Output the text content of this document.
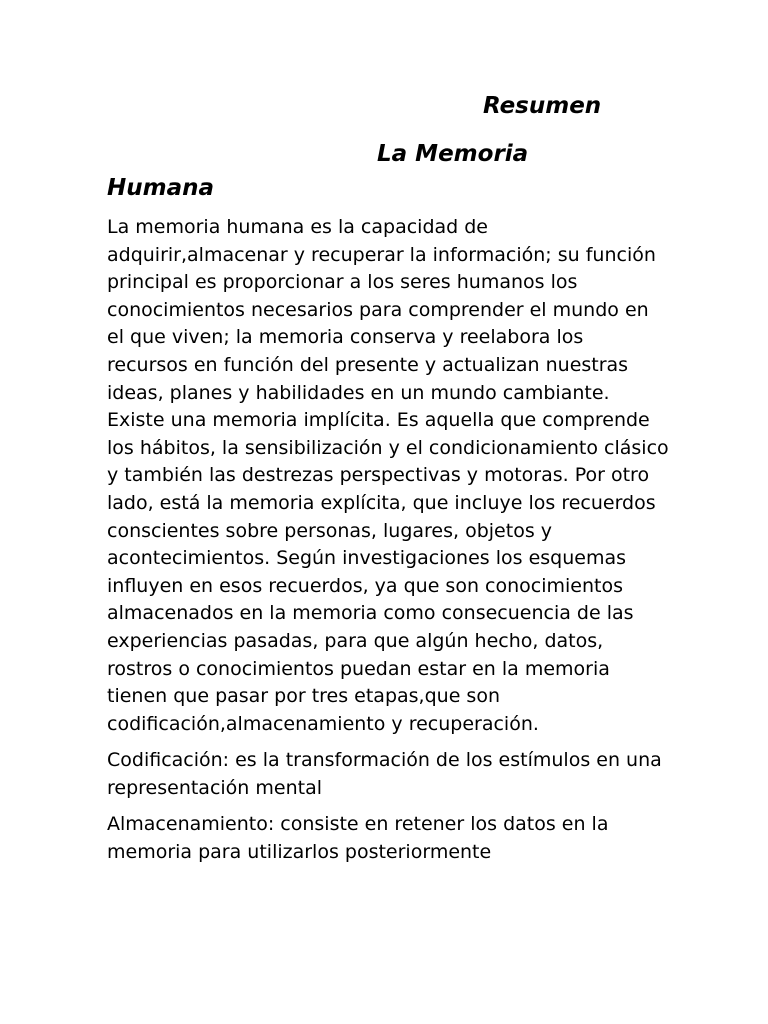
Resumen
La Memoria Humana

La memoria humana es la capacidad de adquirir,almacenar y recuperar la información; su función principal es proporcionar a los seres humanos los conocimientos necesarios para comprender el mundo en el que viven; la memoria conserva y reelabora los recursos en función del presente y actualizan nuestras ideas, planes y habilidades en un mundo cambiante. Existe una memoria implícita. Es aquella que comprende los hábitos, la sensibilización y el condicionamiento clásico y también las destrezas perspectivas y motoras. Por otro lado, está la memoria explícita, que incluye los recuerdos conscientes sobre personas, lugares, objetos y acontecimientos. Según investigaciones los esquemas influyen en esos recuerdos, ya que son conocimientos almacenados en la memoria como consecuencia de las experiencias pasadas, para que algún hecho, datos, rostros o conocimientos puedan estar en la memoria tienen que pasar por tres etapas,que son codificación,almacenamiento y recuperación.

Codificación: es la transformación de los estímulos en una representación mental

Almacenamiento: consiste en retener los datos en la memoria para utilizarlos posteriormente
